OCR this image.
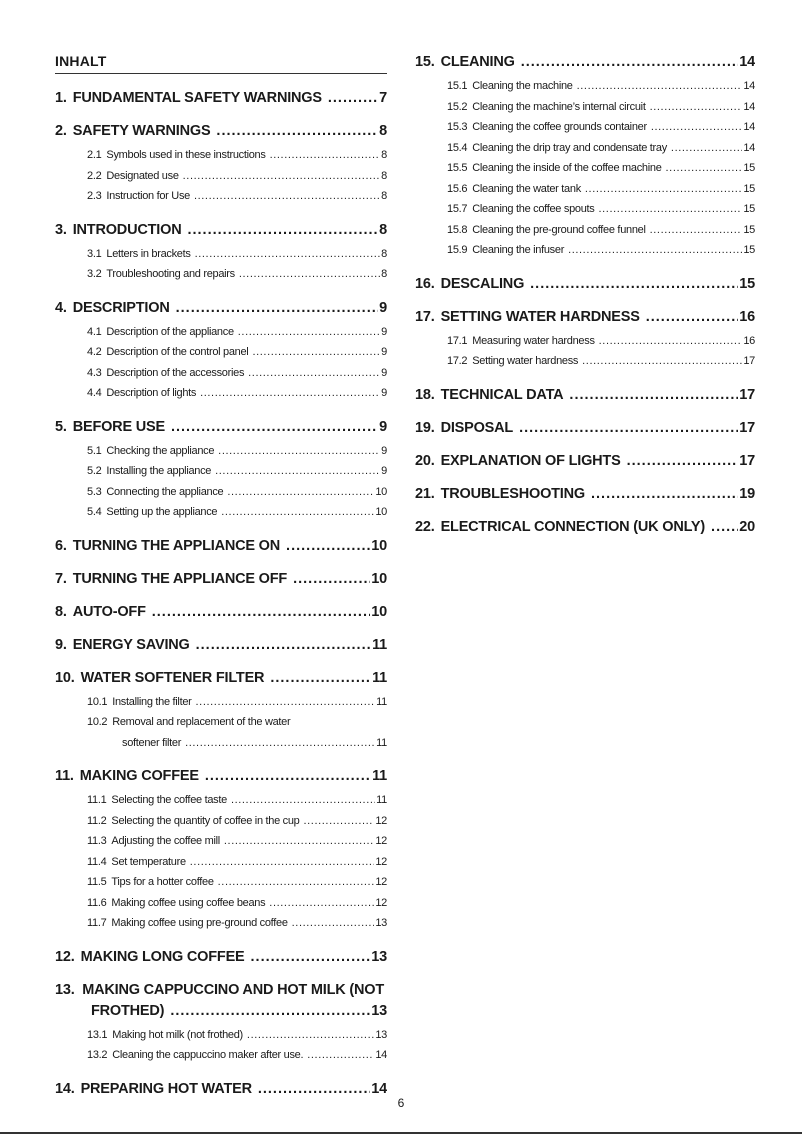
INHALT
1. FUNDAMENTAL SAFETY WARNINGS .....	7
2. SAFETY WARNINGS .....	8
2.1 Symbols used in these instructions .....	8
2.2 Designated use .....	8
2.3 Instruction for Use .....	8
3. INTRODUCTION .....	8
3.1 Letters in brackets .....	8
3.2 Troubleshooting and repairs .....	8
4. DESCRIPTION .....	9
4.1 Description of the appliance .....	9
4.2 Description of the control panel .....	9
4.3 Description of the accessories .....	9
4.4 Description of lights .....	9
5. BEFORE USE .....	9
5.1 Checking the appliance .....	9
5.2 Installing the appliance .....	9
5.3 Connecting the appliance .....	10
5.4 Setting up the appliance .....	10
6. TURNING THE APPLIANCE ON .....	10
7. TURNING THE APPLIANCE OFF .....	10
8. AUTO-OFF .....	10
9. ENERGY SAVING .....	11
10. WATER SOFTENER FILTER .....	11
10.1 Installing the filter .....	11
10.2 Removal and replacement of the water
softener filter .....	11
11. MAKING COFFEE .....	11
11.1 Selecting the coffee taste .....	11
11.2 Selecting the quantity of coffee in the cup .....	12
11.3 Adjusting the coffee mill .....	12
11.4 Set temperature .....	12
11.5 Tips for a hotter coffee .....	12
11.6 Making coffee using coffee beans .....	12
11.7 Making coffee using pre-ground coffee .....	13
12. MAKING LONG COFFEE .....	13
13. MAKING CAPPUCCINO AND HOT MILK (NOT
FROTHED) .....	13
13.1 Making hot milk (not frothed) .....	13
13.2 Cleaning the cappuccino maker after use. .....	14
14. PREPARING HOT WATER .....	14
15. CLEANING .....	14
15.1 Cleaning the machine .....	14
15.2 Cleaning the machine’s internal circuit .....	14
15.3 Cleaning the coffee grounds container .....	14
15.4 Cleaning the drip tray and condensate tray .....	14
15.5 Cleaning the inside of the coffee machine .....	15
15.6 Cleaning the water tank .....	15
15.7 Cleaning the coffee spouts .....	15
15.8 Cleaning the pre-ground coffee funnel .....	15
15.9 Cleaning the infuser .....	15
16. DESCALING .....	15
17. SETTING WATER HARDNESS .....	16
17.1 Measuring water hardness .....	16
17.2 Setting water hardness .....	17
18. TECHNICAL DATA .....	17
19. DISPOSAL .....	17
20. EXPLANATION OF LIGHTS .....	17
21. TROUBLESHOOTING .....	19
22. ELECTRICAL CONNECTION (UK ONLY) ..... 20
6
